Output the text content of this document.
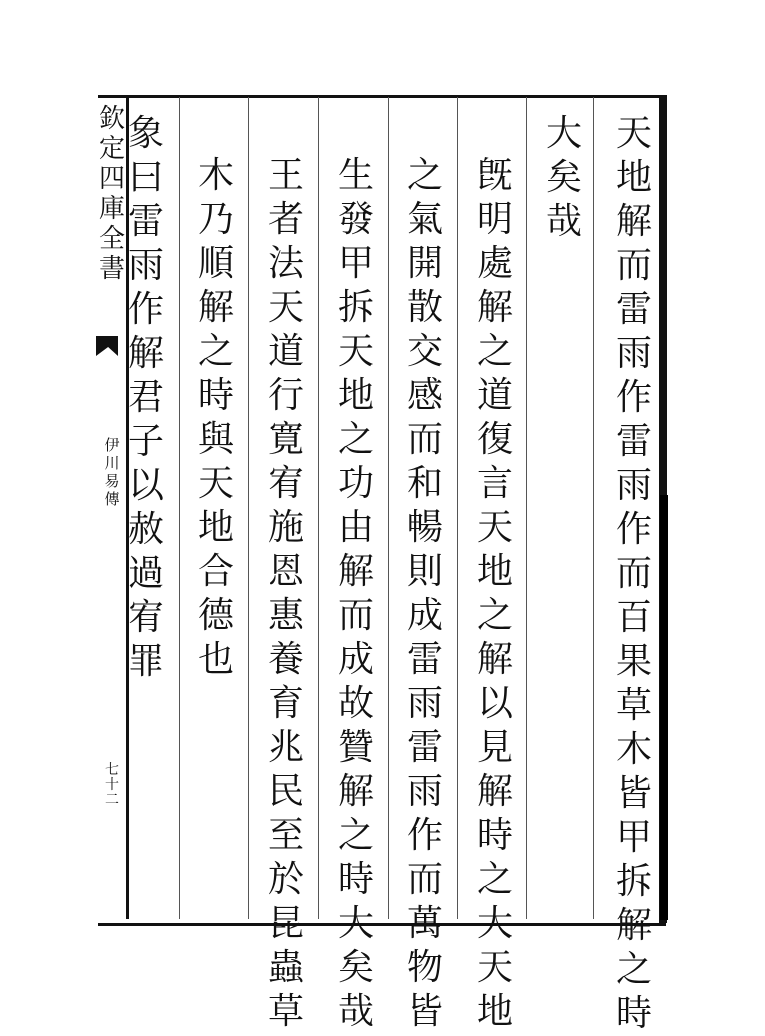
欽
定
四
庫
全
書
伊
川
易
傳
七
十
二
天
地
解
而
雷
雨
作
雷
雨
作
而
百
果
草
木
皆
甲
拆
解
之
時
大
矣
哉
旣
明
處
解
之
道
復
言
天
地
之
解
以
見
解
時
之
大
天
地
之
氣
開
散
交
感
而
和
暢
則
成
雷
雨
雷
雨
作
而
萬
物
皆
生
發
甲
拆
天
地
之
功
由
解
而
成
故
贊
解
之
時
大
矣
哉
王
者
法
天
道
行
寛
宥
施
恩
惠
養
育
兆
民
至
於
昆
蟲
草
木
乃
順
解
之
時
與
天
地
合
德
也
象
曰
雷
雨
作
解
君
子
以
赦
過
宥
罪
